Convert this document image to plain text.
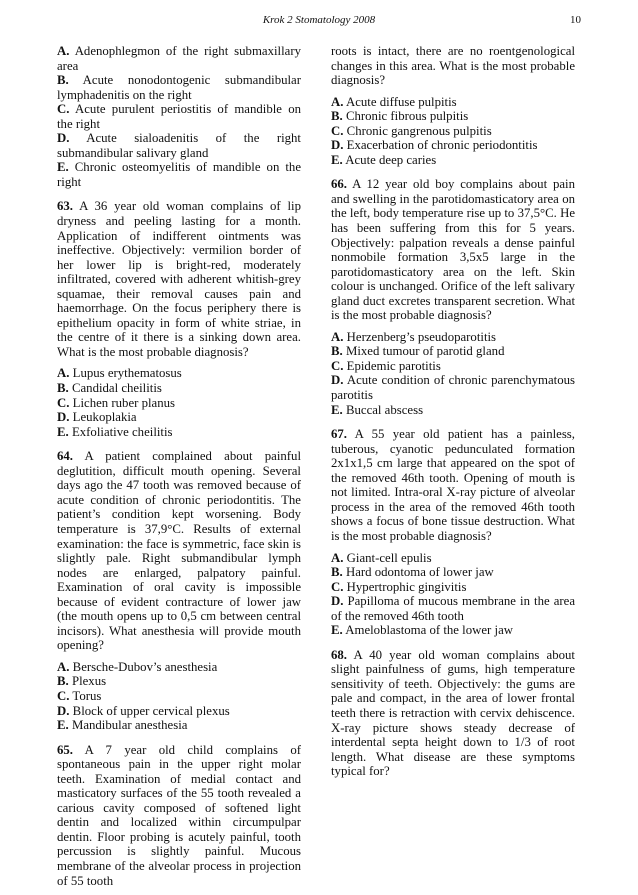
Krok 2 Stomatology 2008	10
A. Adenophlegmon of the right submaxillary area
B. Acute nonodontogenic submandibular lymphadenitis on the right
C. Acute purulent periostitis of mandible on the right
D. Acute sialoadenitis of the right submandibular salivary gland
E. Chronic osteomyelitis of mandible on the right

63. A 36 year old woman complains of lip dryness and peeling lasting for a month. Application of indifferent ointments was ineffective. Objectively: vermilion border of her lower lip is bright-red, moderately infiltrated, covered with adherent whitish-grey squamae, their removal causes pain and haemorrhage. On the focus periphery there is epithelium opacity in form of white striae, in the centre of it there is a sinking down area. What is the most probable diagnosis?

A. Lupus erythematosus
B. Candidal cheilitis
C. Lichen ruber planus
D. Leukoplakia
E. Exfoliative cheilitis

64. A patient complained about painful deglutition, difficult mouth opening. Several days ago the 47 tooth was removed because of acute condition of chronic periodontitis. The patient’s condition kept worsening. Body temperature is 37,9°C. Results of external examination: the face is symmetric, face skin is slightly pale. Right submandibular lymph nodes are enlarged, palpatory painful. Examination of oral cavity is impossible because of evident contracture of lower jaw (the mouth opens up to 0,5 cm between central incisors). What anesthesia will provide mouth opening?

A. Bersche-Dubov’s anesthesia
B. Plexus
C. Torus
D. Block of upper cervical plexus
E. Mandibular anesthesia

65. A 7 year old child complains of spontaneous pain in the upper right molar teeth. Examination of medial contact and masticatory surfaces of the 55 tooth revealed a carious cavity composed of softened light dentin and localized within circumpulpar dentin. Floor probing is acutely painful, tooth percussion is slightly painful. Mucous membrane of the alveolar process in projection of 55 tooth

roots is intact, there are no roentgenological changes in this area. What is the most probable diagnosis?

A. Acute diffuse pulpitis
B. Chronic fibrous pulpitis
C. Chronic gangrenous pulpitis
D. Exacerbation of chronic periodontitis
E. Acute deep caries

66. A 12 year old boy complains about pain and swelling in the parotidomasticatory area on the left, body temperature rise up to 37,5°C. He has been suffering from this for 5 years. Objectively: palpation reveals a dense painful nonmobile formation 3,5x5 large in the parotidomasticatory area on the left. Skin colour is unchanged. Orifice of the left salivary gland duct excretes transparent secretion. What is the most probable diagnosis?

A. Herzenberg’s pseudoparotitis
B. Mixed tumour of parotid gland
C. Epidemic parotitis
D. Acute condition of chronic parenchymatous parotitis
E. Buccal abscess

67. A 55 year old patient has a painless, tuberous, cyanotic pedunculated formation 2x1x1,5 cm large that appeared on the spot of the removed 46th tooth. Opening of mouth is not limited. Intra-oral X-ray picture of alveolar process in the area of the removed 46th tooth shows a focus of bone tissue destruction. What is the most probable diagnosis?

A. Giant-cell epulis
B. Hard odontoma of lower jaw
C. Hypertrophic gingivitis
D. Papilloma of mucous membrane in the area of the removed 46th tooth
E. Ameloblastoma of the lower jaw

68. A 40 year old woman complains about slight painfulness of gums, high temperature sensitivity of teeth. Objectively: the gums are pale and compact, in the area of lower frontal teeth there is retraction with cervix dehiscence. X-ray picture shows steady decrease of interdental septa height down to 1/3 of root length. What disease are these symptoms typical for?
